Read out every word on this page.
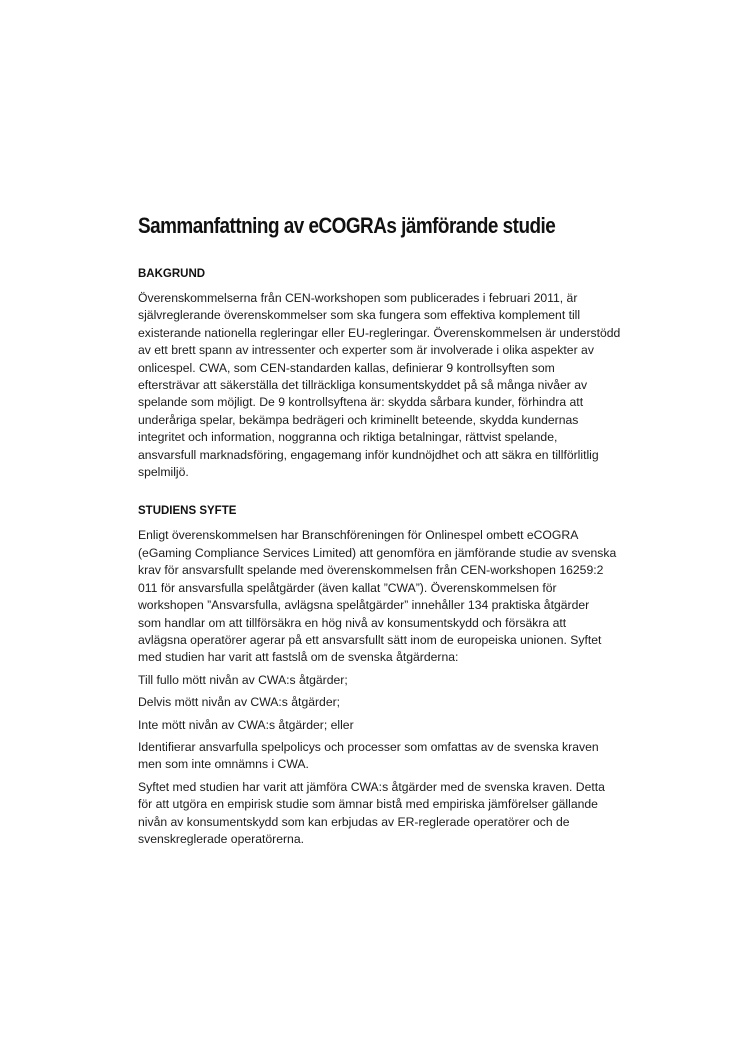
Sammanfattning av eCOGRAs jämförande studie
BAKGRUND

Överenskommelserna från CEN-workshopen som publicerades i februari 2011, är
självreglerande överenskommelser som ska fungera som effektiva komplement till
existerande nationella regleringar eller EU-regleringar. Överenskommelsen är understödd
av ett brett spann av intressenter och experter som är involverade i olika aspekter av
onlicespel. CWA, som CEN-standarden kallas, definierar 9 kontrollsyften som
eftersträvar att säkerställa det tillräckliga konsumentskyddet på så många nivåer av
spelande som möjligt. De 9 kontrollsyftena är: skydda sårbara kunder, förhindra att
underåriga spelar, bekämpa bedrägeri och kriminellt beteende, skydda kundernas
integritet och information, noggranna och riktiga betalningar, rättvist spelande,
ansvarsfull marknadsföring, engagemang inför kundnöjdhet och att säkra en tillförlitlig
spelmiljö.

STUDIENS SYFTE

Enligt överenskommelsen har Branschföreningen för Onlinespel ombett eCOGRA
(eGaming Compliance Services Limited) att genomföra en jämförande studie av svenska
krav för ansvarsfullt spelande med överenskommelsen från CEN-workshopen 16259:2
011 för ansvarsfulla spelåtgärder (även kallat ”CWA”). Överenskommelsen för
workshopen ”Ansvarsfulla, avlägsna spelåtgärder” innehåller 134 praktiska åtgärder
som handlar om att tillförsäkra en hög nivå av konsumentskydd och försäkra att
avlägsna operatörer agerar på ett ansvarsfullt sätt inom de europeiska unionen. Syftet
med studien har varit att fastslå om de svenska åtgärderna:

Till fullo mött nivån av CWA:s åtgärder;

Delvis mött nivån av CWA:s åtgärder;

Inte mött nivån av CWA:s åtgärder; eller

Identifierar ansvarfulla spelpolicys och processer som omfattas av de svenska kraven
men som inte omnämns i CWA.

Syftet med studien har varit att jämföra CWA:s åtgärder med de svenska kraven. Detta
för att utgöra en empirisk studie som ämnar bistå med empiriska jämförelser gällande
nivån av konsumentskydd som kan erbjudas av ER-reglerade operatörer och de
svenskreglerade operatörerna.
